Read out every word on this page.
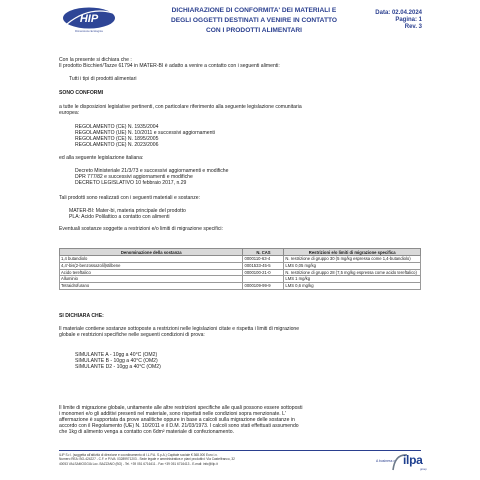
HIP
Dimensione Ecologica
DICHIARAZIONE DI CONFORMITA' DEI MATERIALI E
DEGLI OGGETTI DESTINATI A VENIRE IN CONTATTO
CON I PRODOTTI ALIMENTARI
Data: 02.04.2024
Pagina: 1
Rev. 3
Con la presente si dichiara che :
Il prodotto Bicchieri/Tazze 61794 in MATER-BI è adatto a venire a contatto con i seguenti alimenti:
Tutti i tipi di prodotti alimentari
SONO CONFORMI
a tutte le disposizioni legislative pertinenti, con particolare riferimento alla seguente legislazione comunitaria
europea:
REGOLAMENTO (CE) N. 1935/2004
REGOLAMENTO (UE) N. 10/2011 e successivi aggiornamenti
REGOLAMENTO (CE) N. 1895/2005
REGOLAMENTO (CE) N. 2023/2006
ed alla seguente legislazione italiana:
Decreto Ministeriale 21/3/73 e successivi aggiornamenti e modifiche
DPR 777/82 e successivi aggiornamenti e modifiche
DECRETO LEGISLATIVO 10 febbraio 2017, n.29
Tali prodotti sono realizzati con i seguenti materiali e sostanze:
MATER-BI: Mater-bi, materia principale del prodotto
PLA: Acido Polilattico a contatto con alimenti
Eventuali sostanze soggette a restrizioni e/o limiti di migrazione specifici:
Denominazione della sostanza	N. CAS	Restrizioni e/o limiti di migrazione specifica
1,4 butandiolo	0000110-63-4	N. restrizione di gruppo 30 (5 mg/kg espressa come 1,4-butandiolo)
4,4'-bis(2-benzossazolil)stilbene	0001533-45-5	LMS 0,05 mg/kg
Acido tereftalico	0000100-21-0	N. restrizione di gruppo 28 (7,5 mg/kg espressa come acido tereftalico)
Alluminio		LMS 1 mg/kg
Tetraidrofurano	0000109-99-9	LMS 0,6 mg/kg
SI DICHIARA CHE:
Il materiale contiene sostanze sottoposte a restrizioni nelle legislazioni citate e rispetta i limiti di migrazione
globale e restrizioni specifiche nelle seguenti condizioni di prova:
SIMULANTE A - 10gg a 40°C (OM2)
SIMULANTE B - 10gg a 40°C (OM2)
SIMULANTE D2 - 10gg a 40°C (OM2)
Il limite di migrazione globale, unitamente alle altre restrizioni specifiche alle quali possono essere sottoposti
i monomeri e/o gli additivi presenti nel materiale, sono rispettati nelle condizioni sopra menzionate. L'
affermazione è supportata da prove analitiche oppure in base a calcoli sulla migrazione delle sostanze in
accordo con il Regolamento (UE) N. 10/2011 e il D.M. 21/03/1973. I calcoli sono stati effettuati assumendo
che 1kg di alimento venga a contatto con 6dm² materiale di confezionamento.
ILIP S.r.l. (soggetta all'attività di direzione e coordinamento di I.L.P.A. S.p.A.) Capitale sociale € 368.000 Euro i.v.
Numero REA: BO-424227 - C.F. e P.IVA: 03289971203 - Sede legale e amministrativa e piani produttivi: Via Castelfranco, 32
40053 VALSAMOGGIA Loc. BAZZANO (BO) - Tel. +39 051 6716411 - Fax +39 051 6716413 - E-mail: info@ilip.it
A business of ilpa
group
